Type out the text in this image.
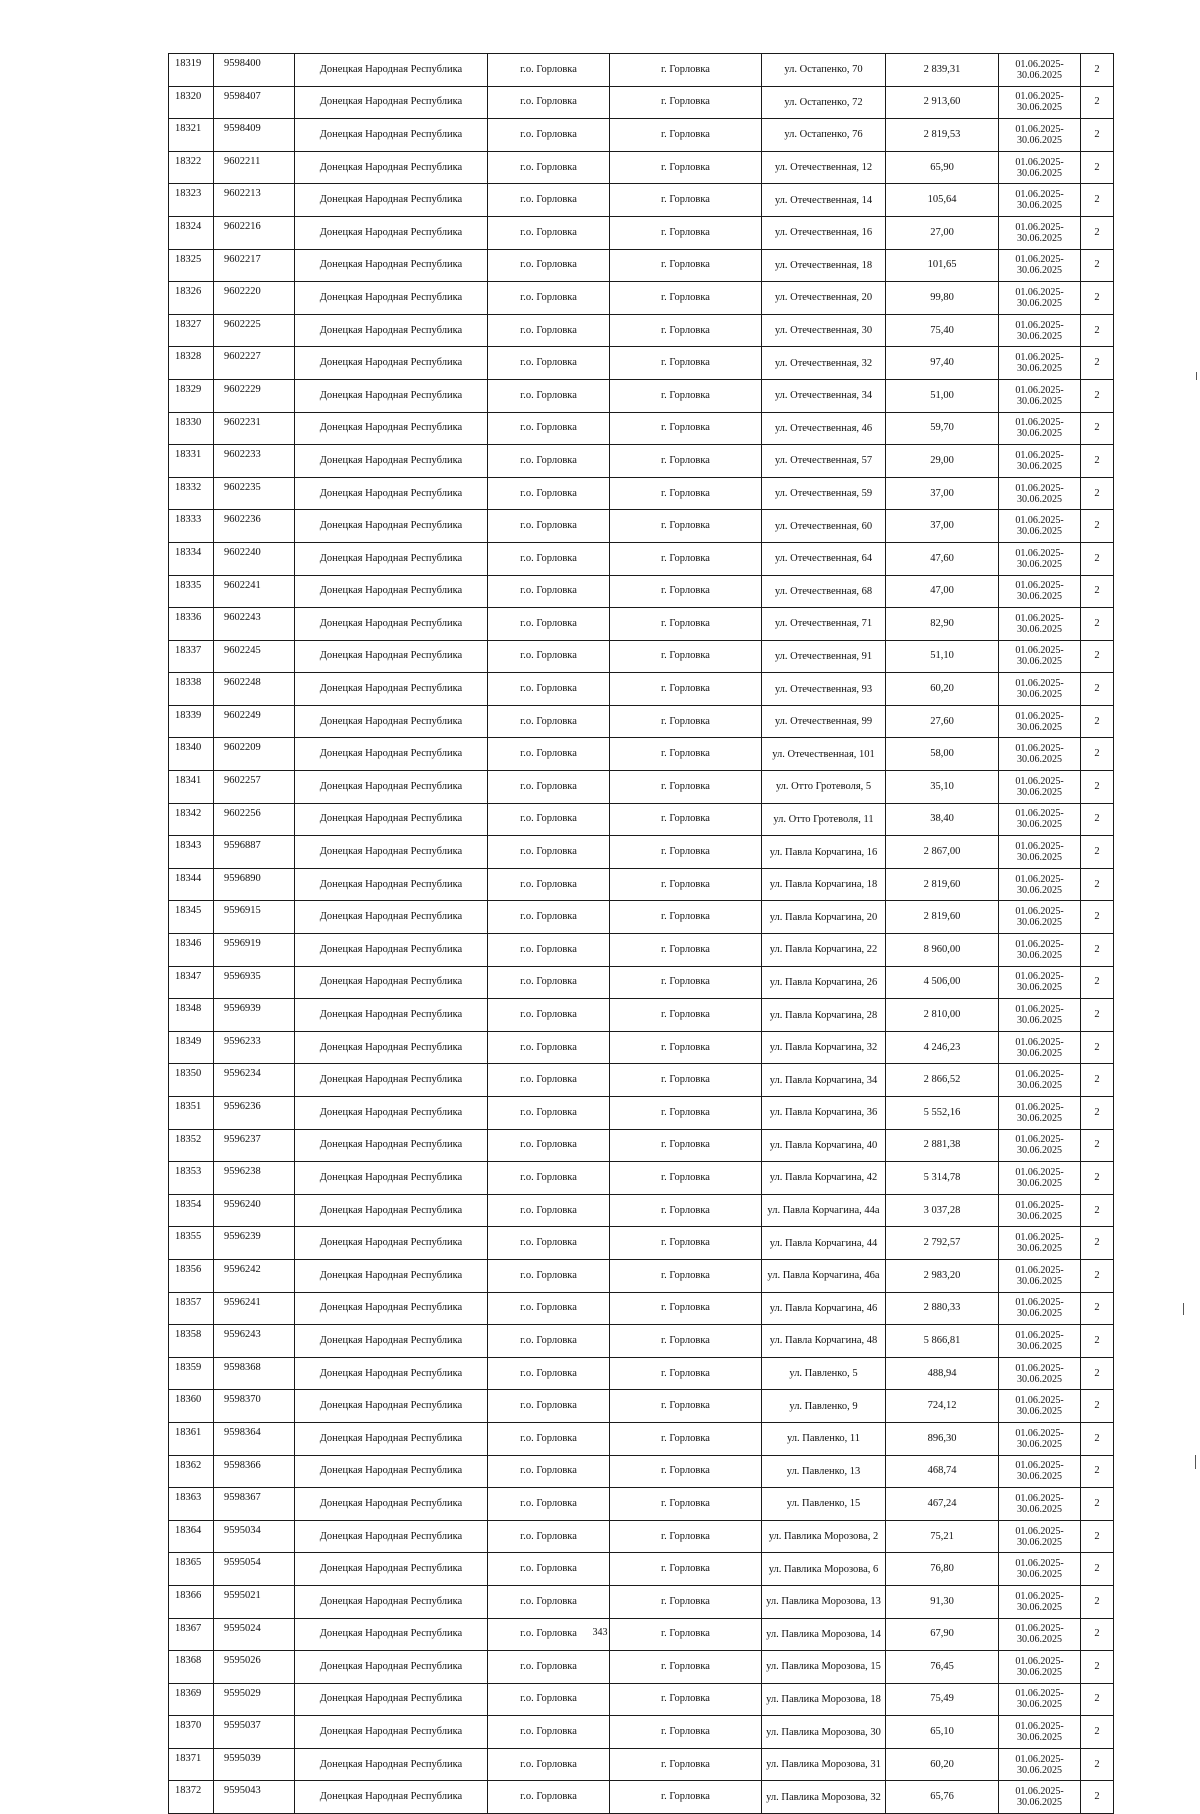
18319	9598400	Донецкая Народная Республика	г.о. Горловка	г. Горловка	ул. Остапенко, 70	2 839,31	01.06.2025-30.06.2025	2
18320	9598407	Донецкая Народная Республика	г.о. Горловка	г. Горловка	ул. Остапенко, 72	2 913,60	01.06.2025-30.06.2025	2
18321	9598409	Донецкая Народная Республика	г.о. Горловка	г. Горловка	ул. Остапенко, 76	2 819,53	01.06.2025-30.06.2025	2
18322	9602211	Донецкая Народная Республика	г.о. Горловка	г. Горловка	ул. Отечественная, 12	65,90	01.06.2025-30.06.2025	2
18323	9602213	Донецкая Народная Республика	г.о. Горловка	г. Горловка	ул. Отечественная, 14	105,64	01.06.2025-30.06.2025	2
18324	9602216	Донецкая Народная Республика	г.о. Горловка	г. Горловка	ул. Отечественная, 16	27,00	01.06.2025-30.06.2025	2
18325	9602217	Донецкая Народная Республика	г.о. Горловка	г. Горловка	ул. Отечественная, 18	101,65	01.06.2025-30.06.2025	2
18326	9602220	Донецкая Народная Республика	г.о. Горловка	г. Горловка	ул. Отечественная, 20	99,80	01.06.2025-30.06.2025	2
18327	9602225	Донецкая Народная Республика	г.о. Горловка	г. Горловка	ул. Отечественная, 30	75,40	01.06.2025-30.06.2025	2
18328	9602227	Донецкая Народная Республика	г.о. Горловка	г. Горловка	ул. Отечественная, 32	97,40	01.06.2025-30.06.2025	2
18329	9602229	Донецкая Народная Республика	г.о. Горловка	г. Горловка	ул. Отечественная, 34	51,00	01.06.2025-30.06.2025	2
18330	9602231	Донецкая Народная Республика	г.о. Горловка	г. Горловка	ул. Отечественная, 46	59,70	01.06.2025-30.06.2025	2
18331	9602233	Донецкая Народная Республика	г.о. Горловка	г. Горловка	ул. Отечественная, 57	29,00	01.06.2025-30.06.2025	2
18332	9602235	Донецкая Народная Республика	г.о. Горловка	г. Горловка	ул. Отечественная, 59	37,00	01.06.2025-30.06.2025	2
18333	9602236	Донецкая Народная Республика	г.о. Горловка	г. Горловка	ул. Отечественная, 60	37,00	01.06.2025-30.06.2025	2
18334	9602240	Донецкая Народная Республика	г.о. Горловка	г. Горловка	ул. Отечественная, 64	47,60	01.06.2025-30.06.2025	2
18335	9602241	Донецкая Народная Республика	г.о. Горловка	г. Горловка	ул. Отечественная, 68	47,00	01.06.2025-30.06.2025	2
18336	9602243	Донецкая Народная Республика	г.о. Горловка	г. Горловка	ул. Отечественная, 71	82,90	01.06.2025-30.06.2025	2
18337	9602245	Донецкая Народная Республика	г.о. Горловка	г. Горловка	ул. Отечественная, 91	51,10	01.06.2025-30.06.2025	2
18338	9602248	Донецкая Народная Республика	г.о. Горловка	г. Горловка	ул. Отечественная, 93	60,20	01.06.2025-30.06.2025	2
18339	9602249	Донецкая Народная Республика	г.о. Горловка	г. Горловка	ул. Отечественная, 99	27,60	01.06.2025-30.06.2025	2
18340	9602209	Донецкая Народная Республика	г.о. Горловка	г. Горловка	ул. Отечественная, 101	58,00	01.06.2025-30.06.2025	2
18341	9602257	Донецкая Народная Республика	г.о. Горловка	г. Горловка	ул. Отто Гротеволя, 5	35,10	01.06.2025-30.06.2025	2
18342	9602256	Донецкая Народная Республика	г.о. Горловка	г. Горловка	ул. Отто Гротеволя, 11	38,40	01.06.2025-30.06.2025	2
18343	9596887	Донецкая Народная Республика	г.о. Горловка	г. Горловка	ул. Павла Корчагина, 16	2 867,00	01.06.2025-30.06.2025	2
18344	9596890	Донецкая Народная Республика	г.о. Горловка	г. Горловка	ул. Павла Корчагина, 18	2 819,60	01.06.2025-30.06.2025	2
18345	9596915	Донецкая Народная Республика	г.о. Горловка	г. Горловка	ул. Павла Корчагина, 20	2 819,60	01.06.2025-30.06.2025	2
18346	9596919	Донецкая Народная Республика	г.о. Горловка	г. Горловка	ул. Павла Корчагина, 22	8 960,00	01.06.2025-30.06.2025	2
18347	9596935	Донецкая Народная Республика	г.о. Горловка	г. Горловка	ул. Павла Корчагина, 26	4 506,00	01.06.2025-30.06.2025	2
18348	9596939	Донецкая Народная Республика	г.о. Горловка	г. Горловка	ул. Павла Корчагина, 28	2 810,00	01.06.2025-30.06.2025	2
18349	9596233	Донецкая Народная Республика	г.о. Горловка	г. Горловка	ул. Павла Корчагина, 32	4 246,23	01.06.2025-30.06.2025	2
18350	9596234	Донецкая Народная Республика	г.о. Горловка	г. Горловка	ул. Павла Корчагина, 34	2 866,52	01.06.2025-30.06.2025	2
18351	9596236	Донецкая Народная Республика	г.о. Горловка	г. Горловка	ул. Павла Корчагина, 36	5 552,16	01.06.2025-30.06.2025	2
18352	9596237	Донецкая Народная Республика	г.о. Горловка	г. Горловка	ул. Павла Корчагина, 40	2 881,38	01.06.2025-30.06.2025	2
18353	9596238	Донецкая Народная Республика	г.о. Горловка	г. Горловка	ул. Павла Корчагина, 42	5 314,78	01.06.2025-30.06.2025	2
18354	9596240	Донецкая Народная Республика	г.о. Горловка	г. Горловка	ул. Павла Корчагина, 44а	3 037,28	01.06.2025-30.06.2025	2
18355	9596239	Донецкая Народная Республика	г.о. Горловка	г. Горловка	ул. Павла Корчагина, 44	2 792,57	01.06.2025-30.06.2025	2
18356	9596242	Донецкая Народная Республика	г.о. Горловка	г. Горловка	ул. Павла Корчагина, 46а	2 983,20	01.06.2025-30.06.2025	2
18357	9596241	Донецкая Народная Республика	г.о. Горловка	г. Горловка	ул. Павла Корчагина, 46	2 880,33	01.06.2025-30.06.2025	2
18358	9596243	Донецкая Народная Республика	г.о. Горловка	г. Горловка	ул. Павла Корчагина, 48	5 866,81	01.06.2025-30.06.2025	2
18359	9598368	Донецкая Народная Республика	г.о. Горловка	г. Горловка	ул. Павленко, 5	488,94	01.06.2025-30.06.2025	2
18360	9598370	Донецкая Народная Республика	г.о. Горловка	г. Горловка	ул. Павленко, 9	724,12	01.06.2025-30.06.2025	2
18361	9598364	Донецкая Народная Республика	г.о. Горловка	г. Горловка	ул. Павленко, 11	896,30	01.06.2025-30.06.2025	2
18362	9598366	Донецкая Народная Республика	г.о. Горловка	г. Горловка	ул. Павленко, 13	468,74	01.06.2025-30.06.2025	2
18363	9598367	Донецкая Народная Республика	г.о. Горловка	г. Горловка	ул. Павленко, 15	467,24	01.06.2025-30.06.2025	2
18364	9595034	Донецкая Народная Республика	г.о. Горловка	г. Горловка	ул. Павлика Морозова, 2	75,21	01.06.2025-30.06.2025	2
18365	9595054	Донецкая Народная Республика	г.о. Горловка	г. Горловка	ул. Павлика Морозова, 6	76,80	01.06.2025-30.06.2025	2
18366	9595021	Донецкая Народная Республика	г.о. Горловка	г. Горловка	ул. Павлика Морозова, 13	91,30	01.06.2025-30.06.2025	2
18367	9595024	Донецкая Народная Республика	г.о. Горловка	г. Горловка	ул. Павлика Морозова, 14	67,90	01.06.2025-30.06.2025	2
18368	9595026	Донецкая Народная Республика	г.о. Горловка	г. Горловка	ул. Павлика Морозова, 15	76,45	01.06.2025-30.06.2025	2
18369	9595029	Донецкая Народная Республика	г.о. Горловка	г. Горловка	ул. Павлика Морозова, 18	75,49	01.06.2025-30.06.2025	2
18370	9595037	Донецкая Народная Республика	г.о. Горловка	г. Горловка	ул. Павлика Морозова, 30	65,10	01.06.2025-30.06.2025	2
18371	9595039	Донецкая Народная Республика	г.о. Горловка	г. Горловка	ул. Павлика Морозова, 31	60,20	01.06.2025-30.06.2025	2
18372	9595043	Донецкая Народная Республика	г.о. Горловка	г. Горловка	ул. Павлика Морозова, 32	65,76	01.06.2025-30.06.2025	2
343
